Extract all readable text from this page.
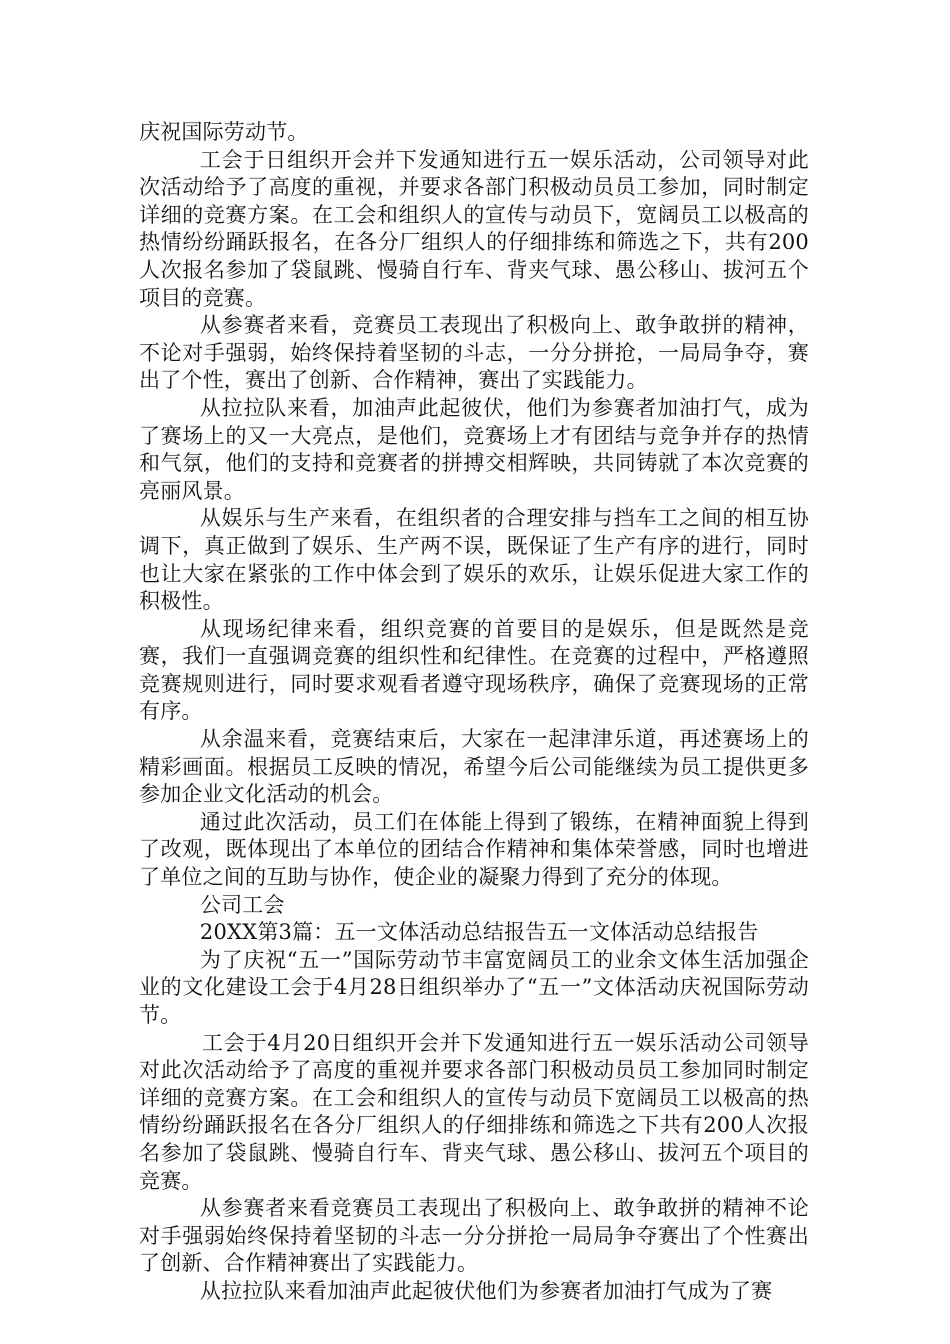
庆祝国际劳动节。

工会于日组织开会并下发通知进行五一娱乐活动，公司领导对此次活动给予了高度的重视，并要求各部门积极动员员工参加，同时制定详细的竞赛方案。在工会和组织人的宣传与动员下，宽阔员工以极高的热情纷纷踊跃报名，在各分厂组织人的仔细排练和筛选之下，共有200人次报名参加了袋鼠跳、慢骑自行车、背夹气球、愚公移山、拔河五个项目的竞赛。

从参赛者来看，竞赛员工表现出了积极向上、敢争敢拼的精神，不论对手强弱，始终保持着坚韧的斗志，一分分拼抢，一局局争夺，赛出了个性，赛出了创新、合作精神，赛出了实践能力。

从拉拉队来看，加油声此起彼伏，他们为参赛者加油打气，成为了赛场上的又一大亮点，是他们，竞赛场上才有团结与竞争并存的热情和气氛，他们的支持和竞赛者的拼搏交相辉映，共同铸就了本次竞赛的亮丽风景。

从娱乐与生产来看，在组织者的合理安排与挡车工之间的相互协调下，真正做到了娱乐、生产两不误，既保证了生产有序的进行，同时也让大家在紧张的工作中体会到了娱乐的欢乐，让娱乐促进大家工作的积极性。

从现场纪律来看，组织竞赛的首要目的是娱乐，但是既然是竞赛，我们一直强调竞赛的组织性和纪律性。在竞赛的过程中，严格遵照竞赛规则进行，同时要求观看者遵守现场秩序，确保了竞赛现场的正常有序。

从余温来看，竞赛结束后，大家在一起津津乐道，再述赛场上的精彩画面。根据员工反映的情况，希望今后公司能继续为员工提供更多参加企业文化活动的机会。

通过此次活动，员工们在体能上得到了锻练，在精神面貌上得到了改观，既体现出了本单位的团结合作精神和集体荣誉感，同时也增进了单位之间的互助与协作，使企业的凝聚力得到了充分的体现。

公司工会

20XX第3篇：五一文体活动总结报告五一文体活动总结报告

为了庆祝“五一”国际劳动节丰富宽阔员工的业余文体生活加强企业的文化建设工会于4月28日组织举办了“五一”文体活动庆祝国际劳动节。

工会于4月20日组织开会并下发通知进行五一娱乐活动公司领导对此次活动给予了高度的重视并要求各部门积极动员员工参加同时制定详细的竞赛方案。在工会和组织人的宣传与动员下宽阔员工以极高的热情纷纷踊跃报名在各分厂组织人的仔细排练和筛选之下共有200人次报名参加了袋鼠跳、慢骑自行车、背夹气球、愚公移山、拔河五个项目的竞赛。

从参赛者来看竞赛员工表现出了积极向上、敢争敢拼的精神不论对手强弱始终保持着坚韧的斗志一分分拼抢一局局争夺赛出了个性赛出了创新、合作精神赛出了实践能力。

从拉拉队来看加油声此起彼伏他们为参赛者加油打气成为了赛
